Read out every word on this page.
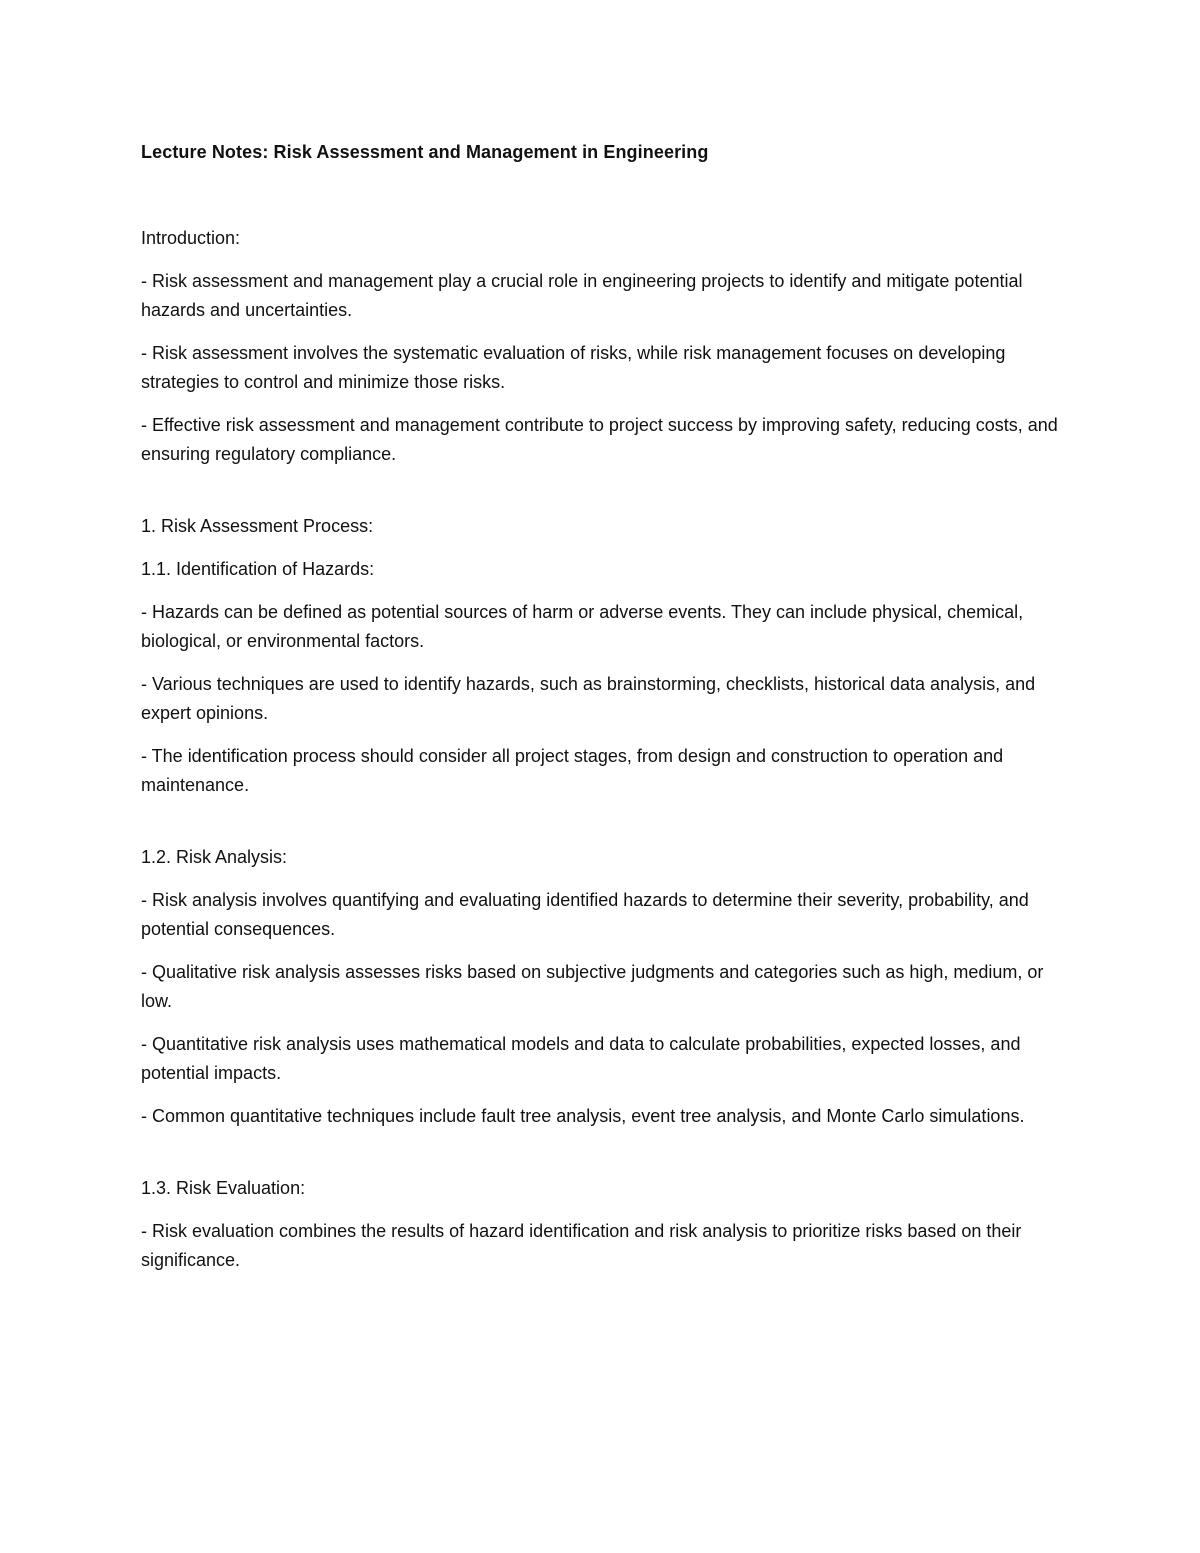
Lecture Notes: Risk Assessment and Management in Engineering
Introduction:
- Risk assessment and management play a crucial role in engineering projects to identify and mitigate potential hazards and uncertainties.
- Risk assessment involves the systematic evaluation of risks, while risk management focuses on developing strategies to control and minimize those risks.
- Effective risk assessment and management contribute to project success by improving safety, reducing costs, and ensuring regulatory compliance.
1. Risk Assessment Process:
1.1. Identification of Hazards:
- Hazards can be defined as potential sources of harm or adverse events. They can include physical, chemical, biological, or environmental factors.
- Various techniques are used to identify hazards, such as brainstorming, checklists, historical data analysis, and expert opinions.
- The identification process should consider all project stages, from design and construction to operation and maintenance.
1.2. Risk Analysis:
- Risk analysis involves quantifying and evaluating identified hazards to determine their severity, probability, and potential consequences.
- Qualitative risk analysis assesses risks based on subjective judgments and categories such as high, medium, or low.
- Quantitative risk analysis uses mathematical models and data to calculate probabilities, expected losses, and potential impacts.
- Common quantitative techniques include fault tree analysis, event tree analysis, and Monte Carlo simulations.
1.3. Risk Evaluation:
- Risk evaluation combines the results of hazard identification and risk analysis to prioritize risks based on their significance.
